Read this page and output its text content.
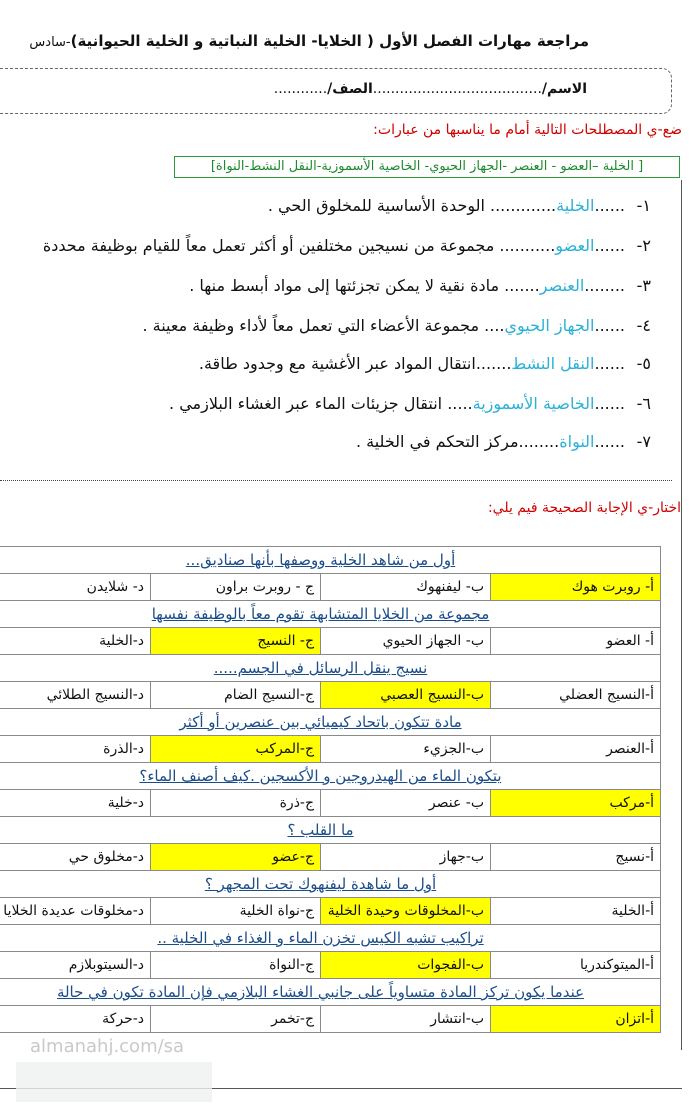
مراجعة مهارات الفصل الأول ( الخلايا- الخلية النباتية و الخلية الحيوانية)-سادس
الاسم/......................................الصف/............
ضع-ي المصطلحات التالية أمام ما يناسبها من عبارات:
[ الخلية –العضو - العنصر -الجهاز الحيوي- الخاصية الأسموزية-النقل النشط-النواة]
١-......الخلية............. الوحدة الأساسية للمخلوق الحي .
٢-......العضو........... مجموعة من نسيجين مختلفين أو أكثر تعمل معاً للقيام بوظيفة محددة
٣-........العنصر....... مادة نقية لا يمكن تجزئتها إلى مواد أبسط منها .
٤-......الجهاز الحيوي.... مجموعة الأعضاء التي تعمل معاً لأداء وظيفة معينة .
٥-......النقل النشط.......انتقال المواد عبر الأغشية مع وجدود طاقة.
٦-......الخاصية الأسموزية..... انتقال جزيئات الماء عبر الغشاء البلازمي .
٧-......النواة........مركز التحكم في الخلية .
اختار-ي الإجابة الصحيحة فيم يلي:
أول من شاهد الخلية ووصفها بأنها صناديق...			
أ- روبرت هوك	ب- ليفنهوك	ج - روبرت براون	د- شلايدن
مجموعة من الخلايا المتشابهة تقوم معاً بالوظيفة نفسها			
أ- العضو	ب- الجهاز الحيوي	ج- النسيج	د-الخلية
نسيج ينقل الرسائل في الجسم.....			
أ-النسيج العضلي	ب-النسيج العصبي	ج-النسيج الضام	د-النسيج الطلائي
مادة تتكون باتحاد كيميائي بين عنصرين أو أكثر			
أ-العنصر	ب-الجزيء	ج-المركب	د-الذرة
يتكون الماء من الهيدروجين و الأكسجين .كيف أصنف الماء؟			
أ-مركب	ب- عنصر	ج-ذرة	د-خلية
ما القلب ؟			
أ-نسيج	ب-جهاز	ج-عضو	د-مخلوق حي
أول ما شاهدة ليفنهوك تحت المجهر ؟			
أ-الخلية	ب-المخلوقات وحيدة الخلية	ج-نواة الخلية	د-مخلوقات عديدة الخلايا
تراكيب تشبه الكيس تخزن الماء و الغذاء في الخلية ..			
أ-الميتوكندريا	ب-الفجوات	ج-النواة	د-السيتوبلازم
عندما يكون تركز المادة متساوياً على جانبي الغشاء البلازمي فإن المادة تكون في حالة			
أ-اتزان	ب-انتشار	ج-تخمر	د-حركة
almanahj.com/sa
